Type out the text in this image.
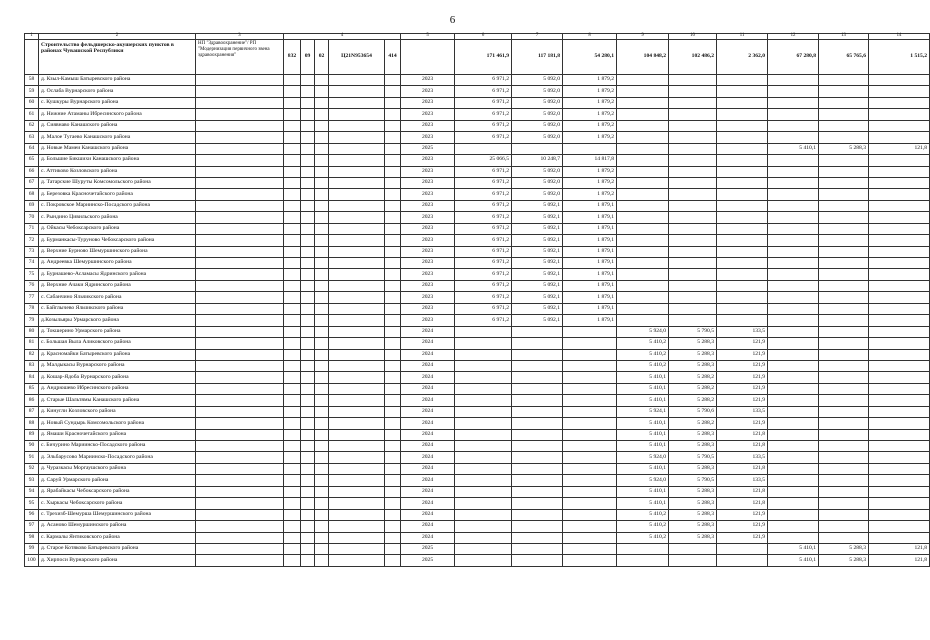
6
1	2	3	4					5	6	7	8	9	10	11	12	13	14
	Строительство фельдшерско-акушерских пунктов в районах Чувашской Республики	НП "Здравоохранение"/ РП "Модернизация первичного звена здравоохранения"	832	09	02	Ц21N953654	414		171 461,9	117 181,8	54 280,1	104 848,2	102 486,2	2 362,0	67 280,8	65 765,6	1 515,2
58	д. Кзыл-Камыш Батыревского района							2023	6 971,2	5 092,0	1 879,2						
59	д. Ослаба Вурнарского района							2023	6 971,2	5 092,0	1 879,2						
60	с. Кушкуры Вурнарского района							2023	6 971,2	5 092,0	1 879,2						
61	д. Нижние Атаманы Ибресинского района							2023	6 971,2	5 092,0	1 879,2						
62	д. Сиявнаво Канашского района							2023	6 971,2	5 092,0	1 879,2						
63	д. Малое Тугаево Канашского района							2023	6 971,2	5 092,0	1 879,2						
64	д. Новые Мамеи Канашского района							2025							5 410,1	5 288,3	121,8
65	д. Большие Бикшихи Канашского района							2023	25 066,5	10 248,7	14 817,8						
66	с. Аттиково Козловского района							2023	6 971,2	5 092,0	1 879,2						
67	д. Татарские Шуруты Комсомольского района							2023	6 971,2	5 092,0	1 879,2						
68	д. Березовка Красночетайского района							2023	6 971,2	5 092,0	1 879,2						
69	с. Покровское Мариинско-Посадского района							2023	6 971,2	5 092,1	1 879,1						
70	с. Рындино Цивильского района							2023	6 971,2	5 092,1	1 879,1						
71	д. Ойкасы Чебоксарского района							2023	6 971,2	5 092,1	1 879,1						
72	д. Бурманкасы-Туруново Чебоксарского района							2023	6 971,2	5 092,1	1 879,1						
73	д. Верхние Бурнояо Шемуршинского района							2023	6 971,2	5 092,1	1 879,1						
74	д. Андреевка Шемуршинского района							2023	6 971,2	5 092,1	1 879,1						
75	д. Бурнашево-Асламасы Ядринского района							2023	6 971,2	5 092,1	1 879,1						
76	д. Верхние Ачаки Ядринского района							2023	6 971,2	5 092,1	1 879,1						
77	с. Сабанчино Яльчикского района							2023	6 971,2	5 092,1	1 879,1						
78	с. Байглычево Яльчикского района							2023	6 971,2	5 092,1	1 879,1						
79	д.Козыльяры Урмарского района							2023	6 971,2	5 092,1	1 879,1						
80	д. Токшерино Урмарского района							2024				5 924,0	5 790,5	133,5			
81	с. Большая Выла Аликовского района							2024				5 410,2	5 288,3	121,9			
82	д. Красномайки Батыревского района							2024				5 410,2	5 288,3	121,9			
83	д. Малдыкасы Вурнарского района							2024				5 410,2	5 288,3	121,9			
84	д. Кошар-Ядоба Вурнарского района							2024				5 410,1	5 288,2	121,9			
85	д. Андрюшево Ибресинского района							2024				5 410,1	5 288,2	121,9			
86	д. Старые Шальтямы Канашского района							2024				5 410,1	5 288,2	121,9			
87	д. Кинугли Козловского района							2024				5 924,1	5 790,6	133,5			
88	д. Новый Сундырь Комсомольского района							2024				5 410,1	5 288,2	121,9			
89	д. Ямаши Красночетайского района							2024				5 410,1	5 288,3	121,8			
90	с. Бичурино Мариинско-Посадского района							2024				5 410,1	5 288,3	121,8			
91	д. Эльбарусово Мариинско-Посадского района							2024				5 924,0	5 790,5	133,5			
92	д. Чуразкасы Моргаушского района							2024				5 410,1	5 288,3	121,8			
93	д. Саруй Урмарского района							2024				5 924,0	5 790,5	133,5			
94	д. Ярабайкасы Чебоксарского района							2024				5 410,1	5 288,3	121,8			
95	с. Хыркасы Чебоксарского района							2024				5 410,1	5 288,3	121,8			
96	с. Трехизб-Шемурша Шемуршинского района							2024				5 410,2	5 288,3	121,9			
97	д. Асаново Шемуршинского района							2024				5 410,2	5 288,3	121,9			
98	с. Кармалы Янтиковского района							2024				5 410,2	5 288,3	121,9			
99	д. Старое Котяково Батыревского района							2025							5 410,1	5 288,3	121,8
100	д. Хирпоси Вурнарского района							2025							5 410,1	5 288,3	121,8
